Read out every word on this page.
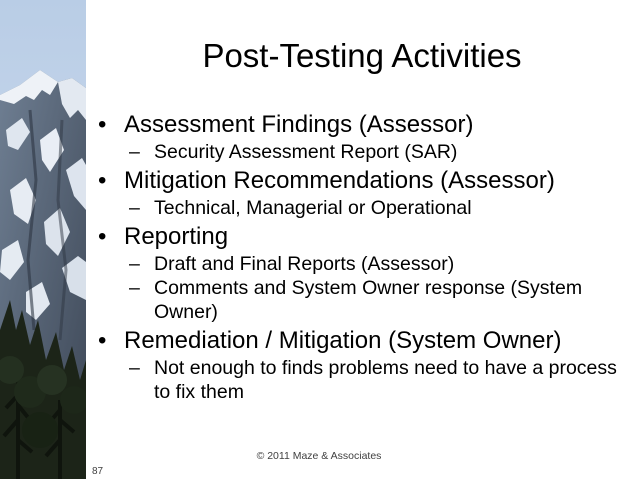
Post-Testing Activities
• Assessment Findings (Assessor)
– Security Assessment Report (SAR)
• Mitigation Recommendations (Assessor)
– Technical, Managerial or Operational
• Reporting
– Draft and Final Reports (Assessor)
– Comments and System Owner response (System Owner)
• Remediation / Mitigation (System Owner)
– Not enough to finds problems need to have a process to fix them
© 2011 Maze & Associates
87
